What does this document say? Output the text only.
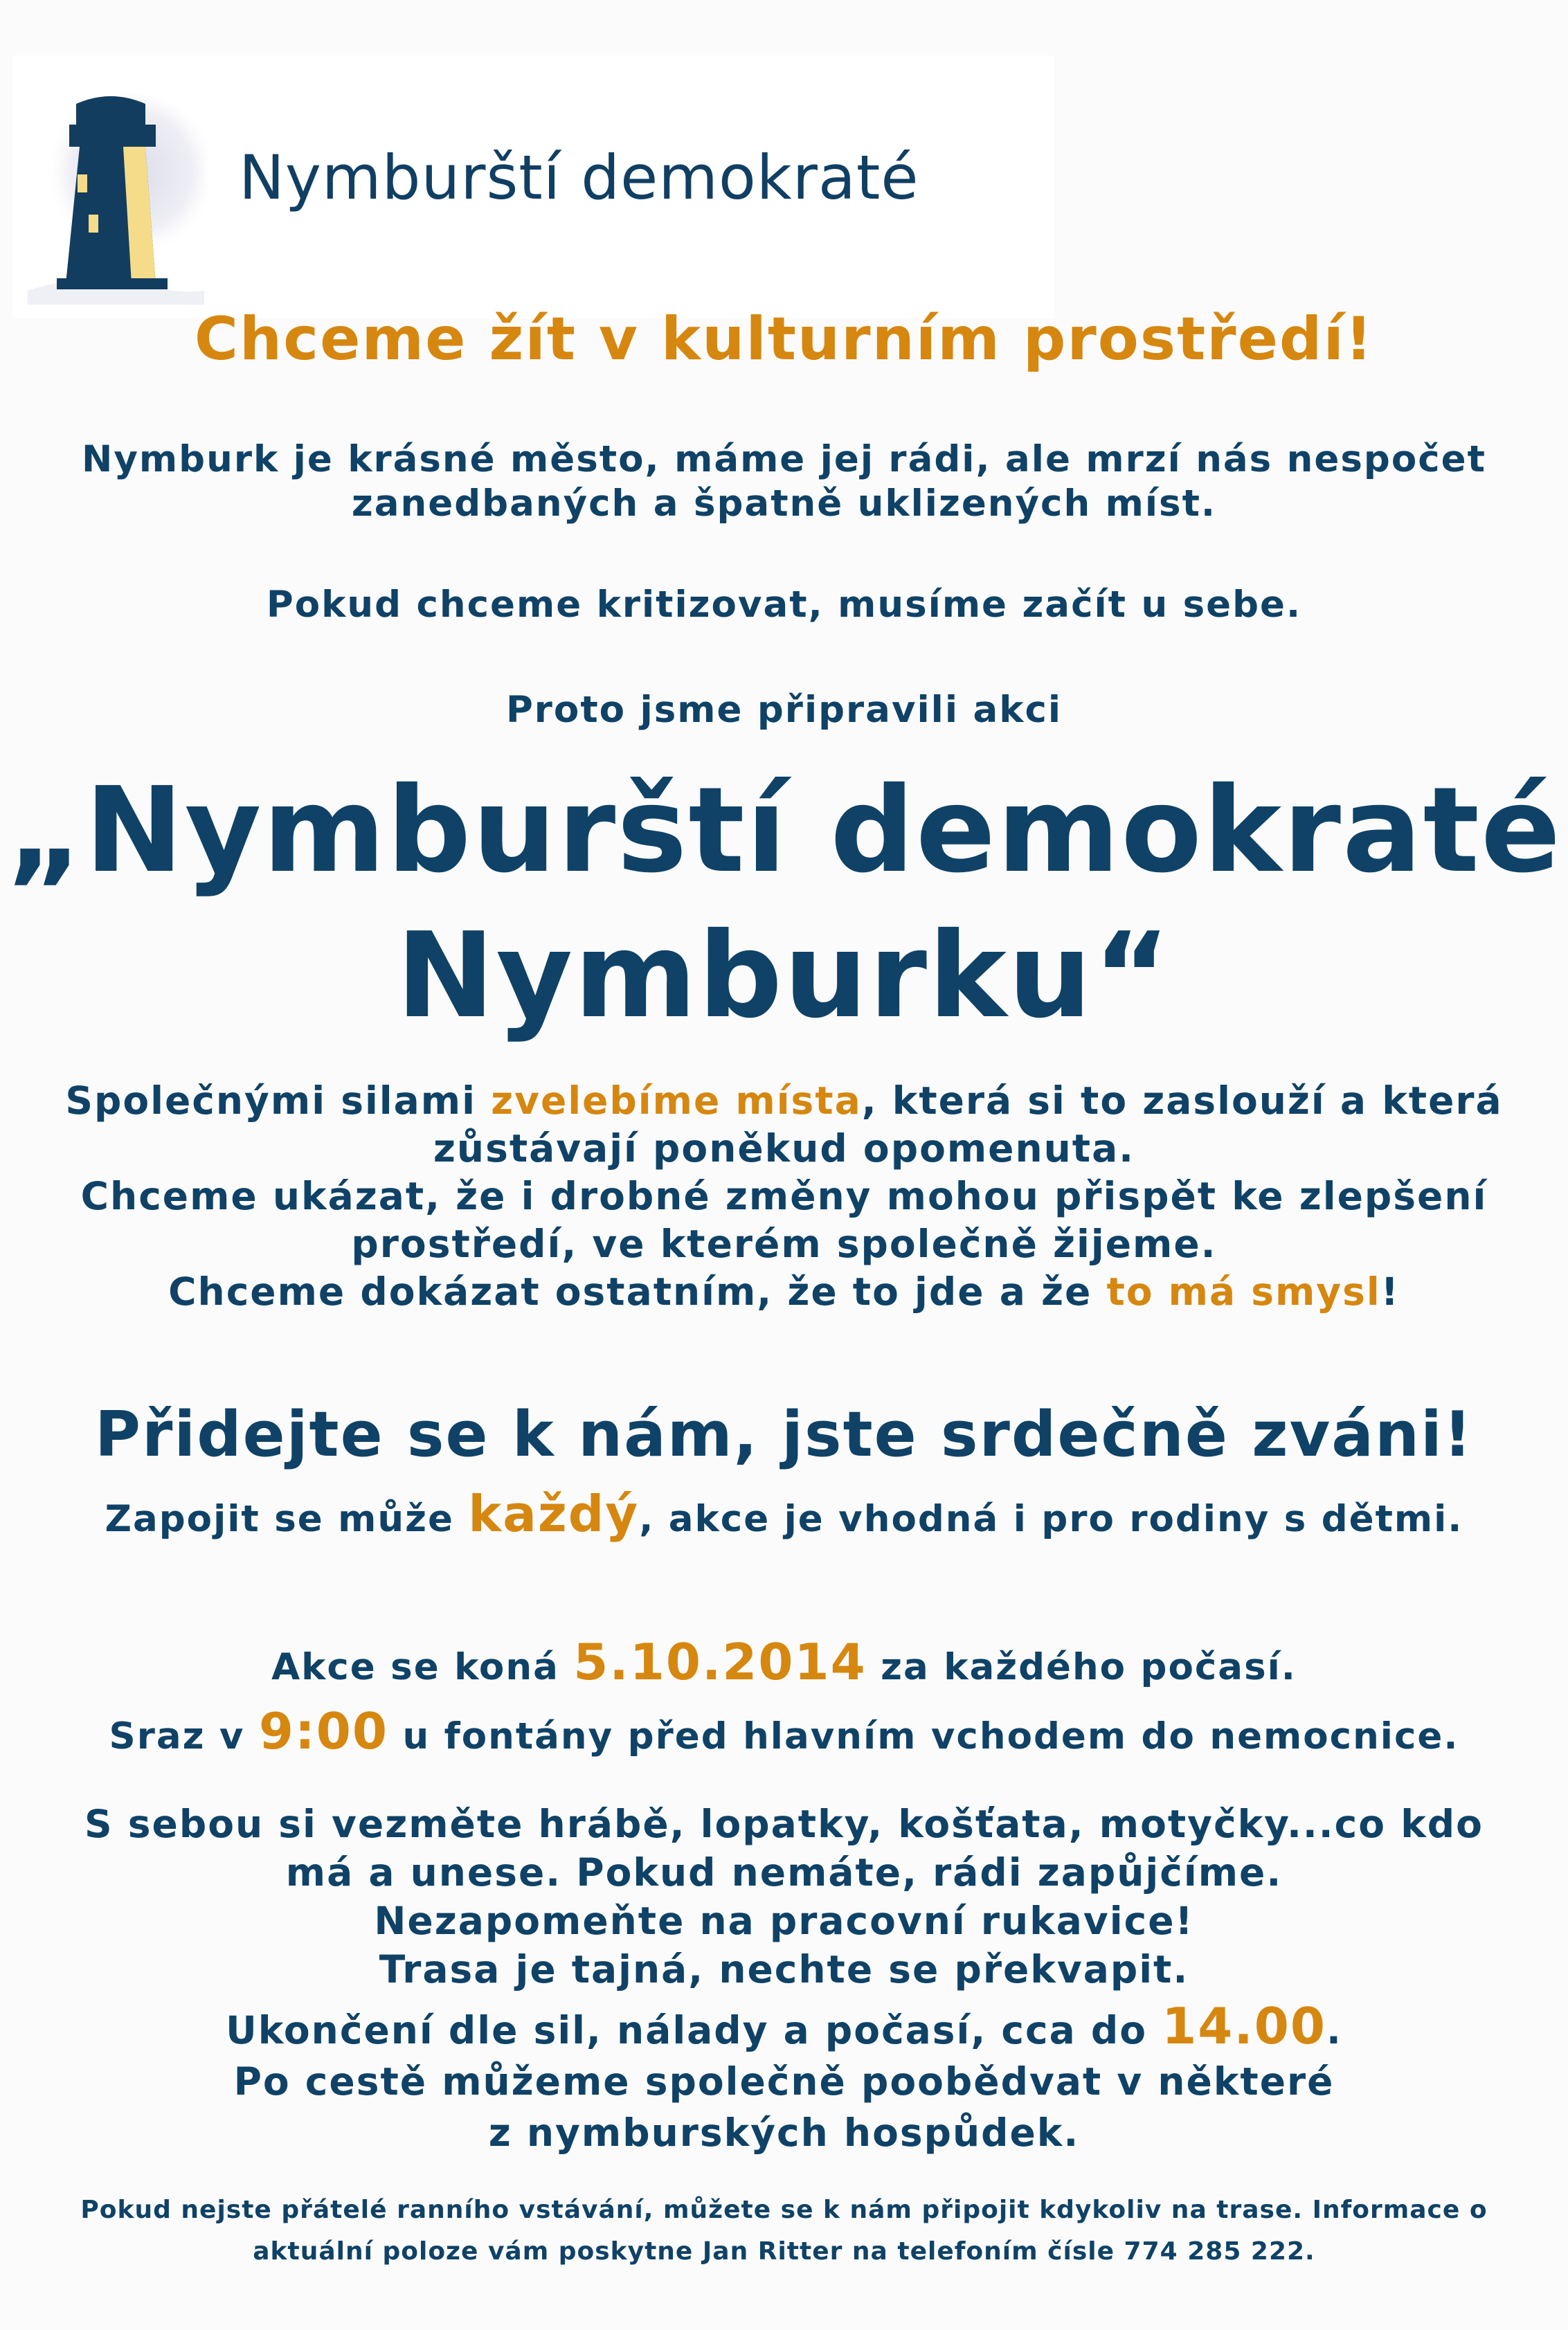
Nymburští demokraté
Chceme žít v kulturním prostředí!
Nymburk je krásné město, máme jej rádi, ale mrzí nás nespočet
zanedbaných a špatně uklizených míst.
Pokud chceme kritizovat, musíme začít u sebe.
Proto jsme připravili akci
„Nymburští demokraté
Nymburku“
Společnými silami zvelebíme místa, která si to zaslouží a která
zůstávají poněkud opomenuta.
Chceme ukázat, že i drobné změny mohou přispět ke zlepšení
prostředí, ve kterém společně žijeme.
Chceme dokázat ostatním, že to jde a že to má smysl!
Přidejte se k nám, jste srdečně zváni!
Zapojit se může každý, akce je vhodná i pro rodiny s dětmi.
Akce se koná 5.10.2014 za každého počasí.
Sraz v 9:00 u fontány před hlavním vchodem do nemocnice.
S sebou si vezměte hrábě, lopatky, košťata, motyčky...co kdo
má a unese. Pokud nemáte, rádi zapůjčíme.
Nezapomeňte na pracovní rukavice!
Trasa je tajná, nechte se překvapit.
Ukončení dle sil, nálady a počasí, cca do 14.00.
Po cestě můžeme společně poobědvat v některé
z nymburských hospůdek.
Pokud nejste přátelé ranního vstávání, můžete se k nám připojit kdykoliv na trase. Informace o
aktuální poloze vám poskytne Jan Ritter na telefoním čísle 774 285 222.
